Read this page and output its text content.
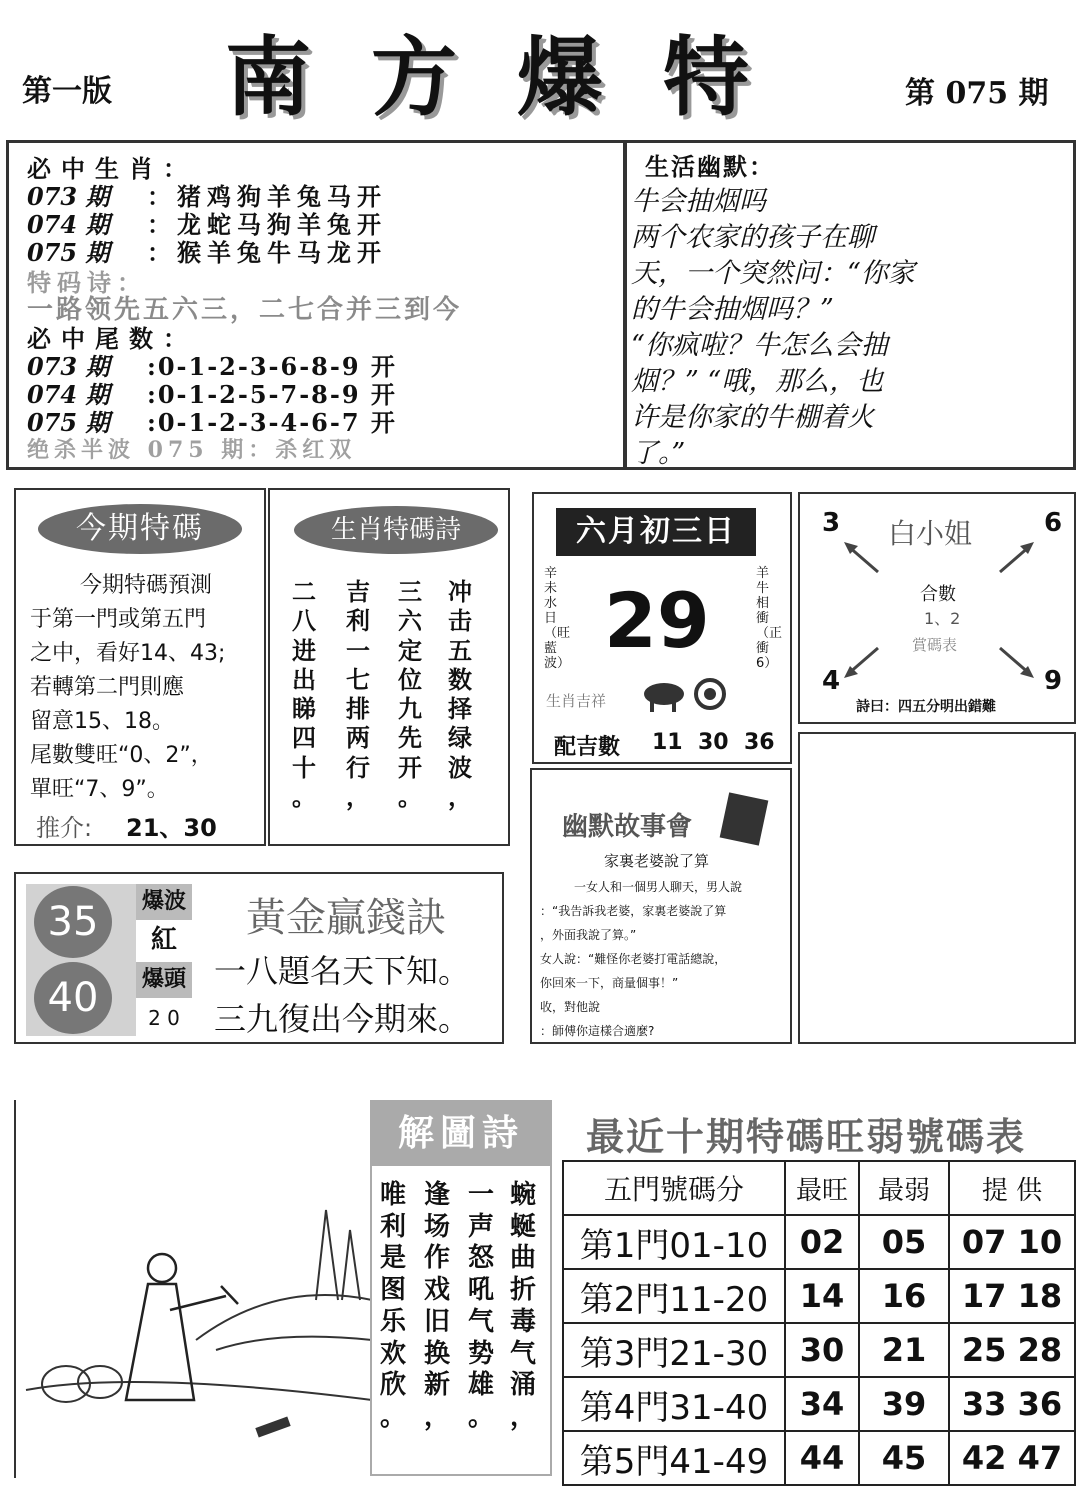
第一版 南方爆特	第 075 期
必中生肖：
073 期 ：猪鸡狗羊兔马开
074 期 ：龙蛇马狗羊兔开
075 期 ：猴羊兔牛马龙开
特码诗：
一路领先五六三，二七合并三到今
必中尾数：
073 期 :0-1-2-3-6-8-9 开
074 期 :0-1-2-5-7-8-9 开
075 期 :0-1-2-3-4-6-7 开
绝杀半波 075 期：杀红双
生活幽默：
牛会抽烟吗
两个农家的孩子在聊
天，一个突然问：“你家
的牛会抽烟吗？”
“你疯啦？牛怎么会抽
烟？” “哦，那么，也
许是你家的牛棚着火
了。”
今期特碼
今期特碼預測
于第一門或第五門
之中，看好14、43;
若轉第二門則應
留意15、18。
尾數雙旺“0、2”，
單旺“7、9”。
推介: 21、30
生肖特碼詩
冲
击
五
数
择
绿
波
，
三
六
定
位
九
先
开
。
吉
利
一
七
排
两
行
，
二
八
进
出
睇
四
十
。
六月初三日
辛未水日（旺藍波） 29
羊牛相衝（正衝6）
生肖吉祥
配吉數 11 30 36
3	6
4	9
白小姐
合數
1、2
賞碼表
詩曰：四五分明出錯難
35
40
爆波
紅
爆頭
2 0
黃金贏錢訣
一八題名天下知。
三九復出今期來。
幽默故事會
家裏老婆說了算
一女人和一個男人聊天，男人說
：“我告訴我老婆，家裏老婆說了算
，外面我說了算。”
女人說：“難怪你老婆打電話總說，
你回來一下，商量個事！”
收，對他說
：師傅你這樣合適麼?
解圖詩
蜿
蜒
曲
折
毒
气
涌
，
一
声
怒
吼
气
势
雄
。
逢
场
作
戏
旧
换
新
，
唯
利
是
图
乐
欢
欣
。
最近十期特碼旺弱號碼表
五門號碼分	最旺	最弱	提 供
第1門01-10	02	05	07 10
第2門11-20	14	16	17 18
第3門21-30	30	21	25 28
第4門31-40	34	39	33 36
第5門41-49	44	45	42 47
